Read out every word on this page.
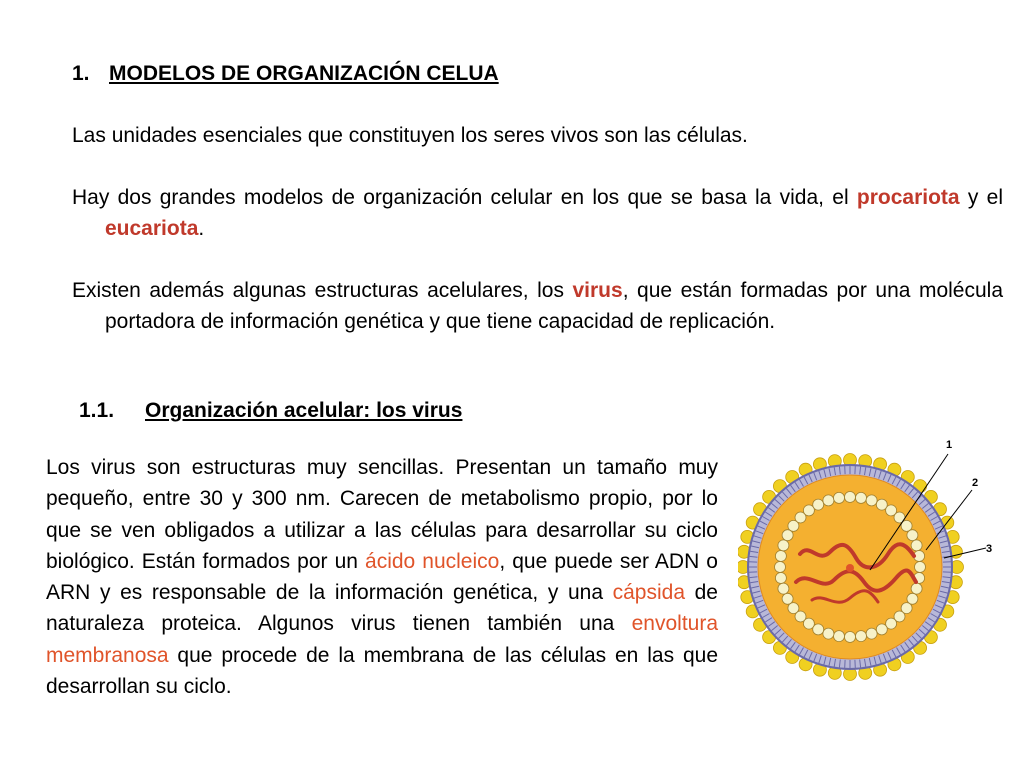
1. MODELOS DE ORGANIZACIÓN CELUA
Las unidades esenciales que constituyen los seres vivos son las células.
Hay dos grandes modelos de organización celular en los que se basa la vida, el procariota y el eucariota.
Existen además algunas estructuras acelulares, los virus, que están formadas por una molécula portadora de información genética y que tiene capacidad de replicación.
1.1. Organización acelular: los virus
Los virus son estructuras muy sencillas. Presentan un tamaño muy pequeño, entre 30 y 300 nm. Carecen de metabolismo propio, por lo que se ven obligados a utilizar a las células para desarrollar su ciclo biológico. Están formados por un ácido nucleico, que puede ser ADN o ARN y es responsable de la información genética, y una cápsida de naturaleza proteica. Algunos virus tienen también una envoltura membranosa que procede de la membrana de las células en las que desarrollan su ciclo.
1
2
3
